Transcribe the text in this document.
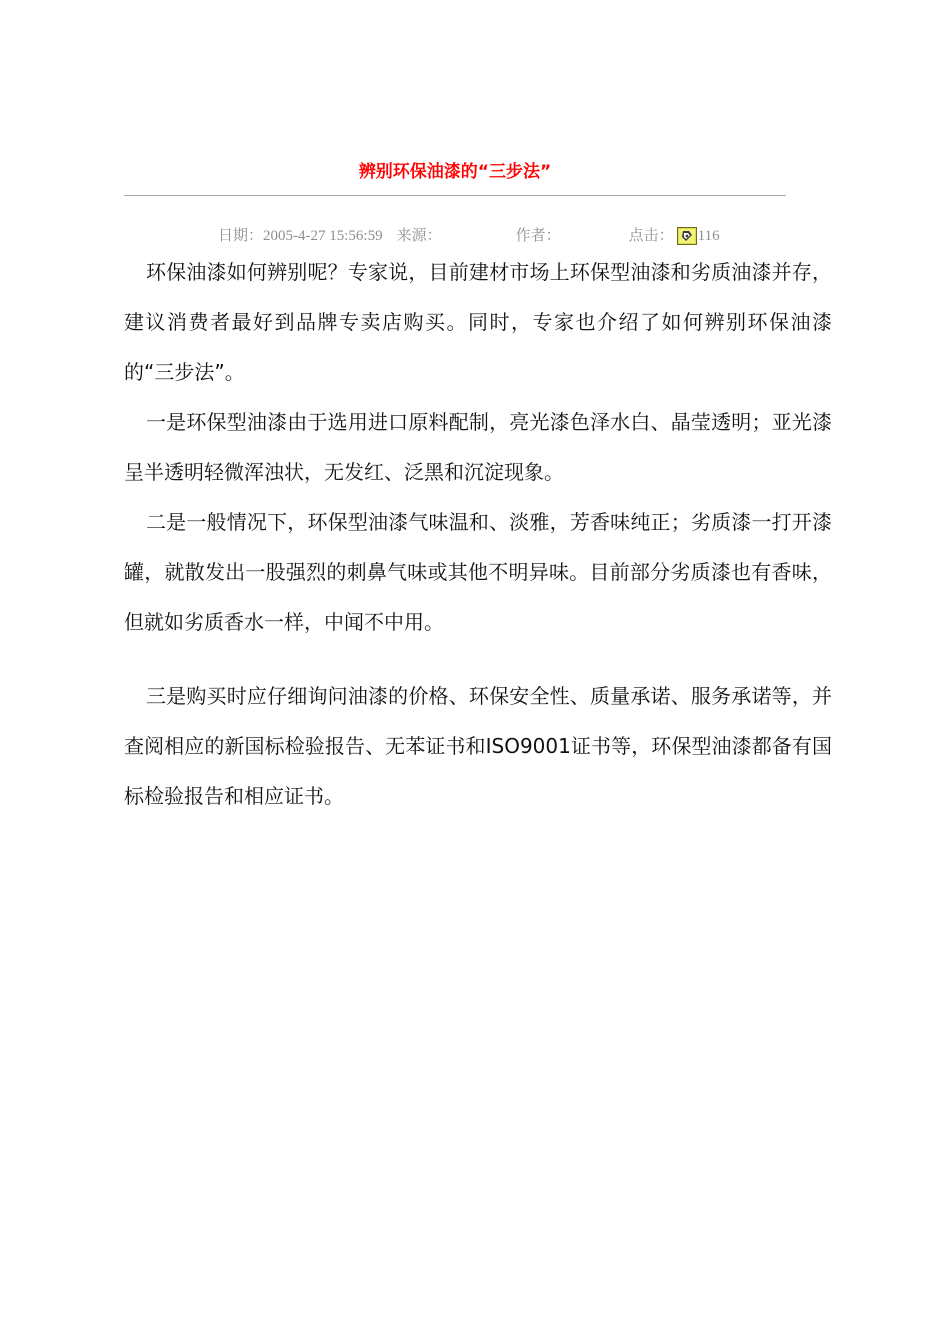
辨别环保油漆的“三步法”
日期：2005-4-27 15:56:59 来源：	作者：	点击： 116

环保油漆如何辨别呢？专家说，目前建材市场上环保型油漆和劣质油漆并存，建议消费者最好到品牌专卖店购买。同时，专家也介绍了如何辨别环保油漆的“三步法”。

一是环保型油漆由于选用进口原料配制，亮光漆色泽水白、晶莹透明；亚光漆呈半透明轻微浑浊状，无发红、泛黑和沉淀现象。

二是一般情况下，环保型油漆气味温和、淡雅，芳香味纯正；劣质漆一打开漆罐，就散发出一股强烈的刺鼻气味或其他不明异味。目前部分劣质漆也有香味，但就如劣质香水一样，中闻不中用。

三是购买时应仔细询问油漆的价格、环保安全性、质量承诺、服务承诺等，并查阅相应的新国标检验报告、无苯证书和ISO9001证书等，环保型油漆都备有国标检验报告和相应证书。
